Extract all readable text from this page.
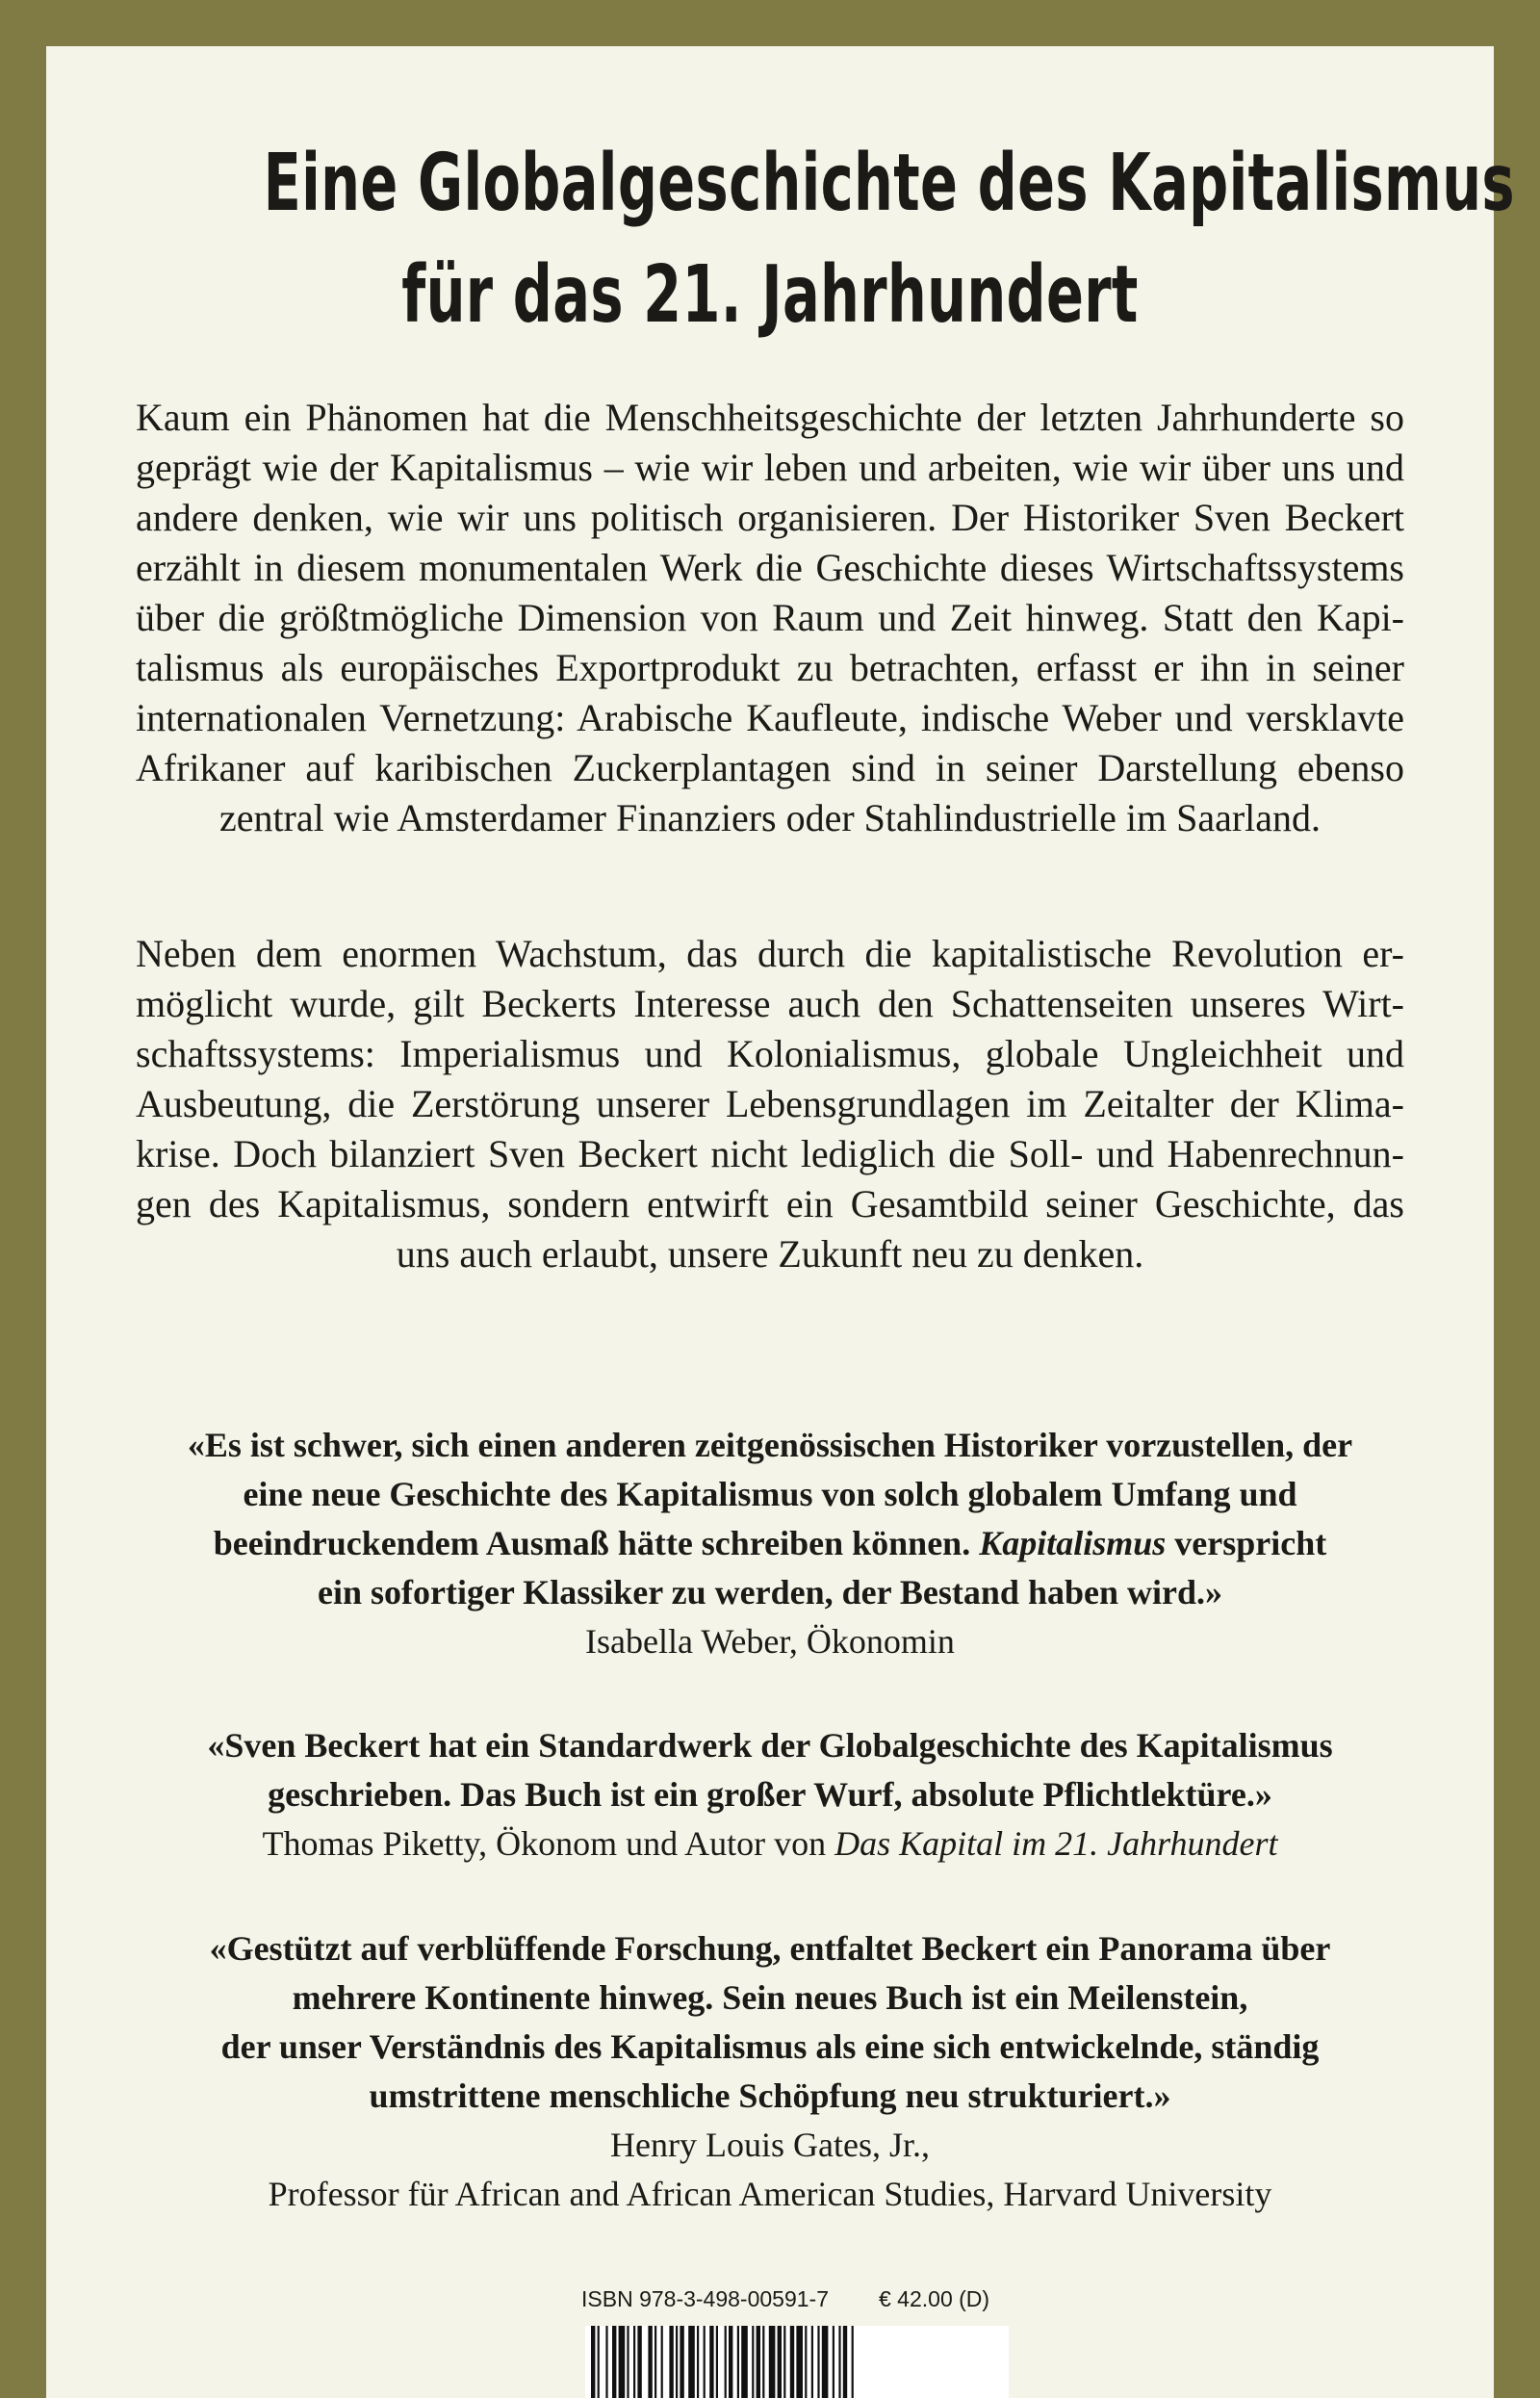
Eine Globalgeschichte des Kapitalismus
für das 21. Jahrhundert
Kaum ein Phänomen hat die Menschheitsgeschichte der letzten Jahrhunderte so
geprägt wie der Kapitalismus – wie wir leben und arbeiten, wie wir über uns und
andere denken, wie wir uns politisch organisieren. Der Historiker Sven Beckert
erzählt in diesem monumentalen Werk die Geschichte dieses Wirtschaftssystems
über die größtmögliche Dimension von Raum und Zeit hinweg. Statt den Kapi-
talismus als europäisches Exportprodukt zu betrachten, erfasst er ihn in seiner
internationalen Vernetzung: Arabische Kaufleute, indische Weber und versklavte
Afrikaner auf karibischen Zuckerplantagen sind in seiner Darstellung ebenso
zentral wie Amsterdamer Finanziers oder Stahlindustrielle im Saarland.
Neben dem enormen Wachstum, das durch die kapitalistische Revolution er-
möglicht wurde, gilt Beckerts Interesse auch den Schattenseiten unseres Wirt-
schaftssystems: Imperialismus und Kolonialismus, globale Ungleichheit und
Ausbeutung, die Zerstörung unserer Lebensgrundlagen im Zeitalter der Klima-
krise. Doch bilanziert Sven Beckert nicht lediglich die Soll- und Habenrechnun-
gen des Kapitalismus, sondern entwirft ein Gesamtbild seiner Geschichte, das
uns auch erlaubt, unsere Zukunft neu zu denken.
«Es ist schwer, sich einen anderen zeitgenössischen Historiker vorzustellen, der
eine neue Geschichte des Kapitalismus von solch globalem Umfang und
beeindruckendem Ausmaß hätte schreiben können. Kapitalismus verspricht
ein sofortiger Klassiker zu werden, der Bestand haben wird.»
Isabella Weber, Ökonomin
«Sven Beckert hat ein Standardwerk der Globalgeschichte des Kapitalismus
geschrieben. Das Buch ist ein großer Wurf, absolute Pflichtlektüre.»
Thomas Piketty, Ökonom und Autor von Das Kapital im 21. Jahrhundert
«Gestützt auf verblüffende Forschung, entfaltet Beckert ein Panorama über
mehrere Kontinente hinweg. Sein neues Buch ist ein Meilenstein,
der unser Verständnis des Kapitalismus als eine sich entwickelnde, ständig
umstrittene menschliche Schöpfung neu strukturiert.»
Henry Louis Gates, Jr.,
Professor für African and African American Studies, Harvard University
ISBN 978-3-498-00591-7 € 42.00 (D)
